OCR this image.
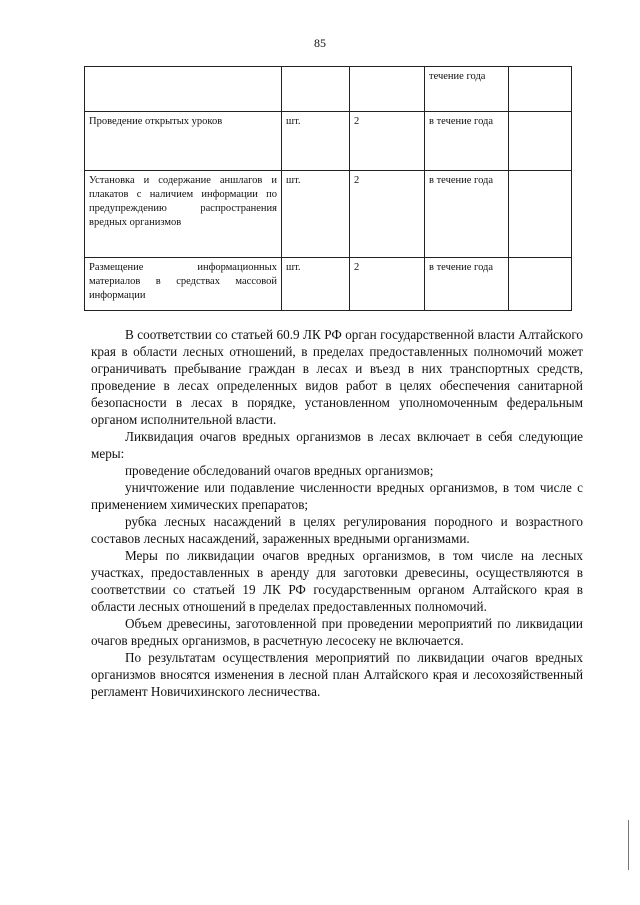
85
			течение года	
Проведение открытых уроков	шт.	2	в течение года	
Установка и содержание аншлагов и плакатов с наличием информации по предупреждению распространения вредных организмов	шт.	2	в течение года	
Размещение информационных материалов в средствах массовой информации	шт.	2	в течение года	

В соответствии со статьей 60.9 ЛК РФ орган государственной власти Алтайского края в области лесных отношений, в пределах предоставленных полномочий может ограничивать пребывание граждан в лесах и въезд в них транспортных средств, проведение в лесах определенных видов работ в целях обеспечения санитарной безопасности в лесах в порядке, установленном уполномоченным федеральным органом исполнительной власти.

Ликвидация очагов вредных организмов в лесах включает в себя следующие меры:

проведение обследований очагов вредных организмов;

уничтожение или подавление численности вредных организмов, в том числе с применением химических препаратов;

рубка лесных насаждений в целях регулирования породного и возрастного составов лесных насаждений, зараженных вредными организмами.

Меры по ликвидации очагов вредных организмов, в том числе на лесных участках, предоставленных в аренду для заготовки древесины, осуществляются в соответствии со статьей 19 ЛК РФ государственным органом Алтайского края в области лесных отношений в пределах предоставленных полномочий.

Объем древесины, заготовленной при проведении мероприятий по ликвидации очагов вредных организмов, в расчетную лесосеку не включается.

По результатам осуществления мероприятий по ликвидации очагов вредных организмов вносятся изменения в лесной план Алтайского края и лесохозяйственный регламент Новичихинского лесничества.
